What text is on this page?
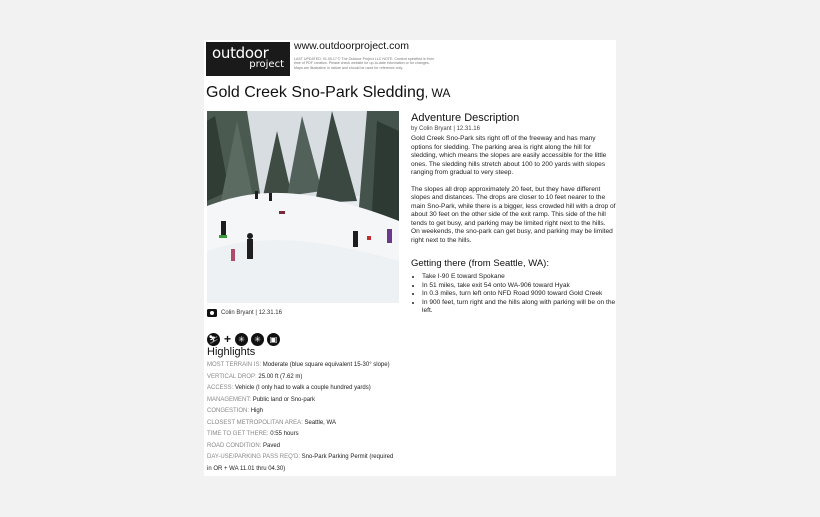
outdoor
project
www.outdoorproject.com
LAST UPDATED: 01.05.17 © The Outdoor Project LLC NOTE: Content specified is from time of PDF creation. Please check website for up-to-date information or for changes. Maps are illustrative in nature and should be used for reference only.
Gold Creek Sno-Park Sledding, WA
Colin Bryant | 12.31.16
⛷ + ✳	✳	▣
Highlights
MOST TERRAIN IS: Moderate (blue square equivalent 15-30° slope)
VERTICAL DROP: 25.00 ft (7.62 m)
ACCESS: Vehicle (I only had to walk a couple hundred yards)
MANAGEMENT: Public land or Sno-park
CONGESTION: High
CLOSEST METROPOLITAN AREA: Seattle, WA
TIME TO GET THERE: 0:55 hours
ROAD CONDITION: Paved
DAY-USE/PARKING PASS REQ'D: Sno-Park Parking Permit (required in OR + WA 11.01 thru 04.30)
Adventure Description
by Colin Bryant | 12.31.16
Gold Creek Sno-Park sits right off of the freeway and has many options for sledding. The parking area is right along the hill for sledding, which means the slopes are easily accessible for the little ones. The sledding hills stretch about 100 to 200 yards with slopes ranging from gradual to very steep.
The slopes all drop approximately 20 feet, but they have different slopes and distances. The drops are closer to 10 feet nearer to the main Sno-Park, while there is a bigger, less crowded hill with a drop of about 30 feet on the other side of the exit ramp. This side of the hill tends to get busy, and parking may be limited right next to the hills. On weekends, the sno-park can get busy, and parking may be limited right next to the hills.
Getting there (from Seattle, WA):
• Take I-90 E toward Spokane
• In 51 miles, take exit 54 onto WA-906 toward Hyak
• In 0.3 miles, turn left onto NFD Road 9090 toward Gold Creek
• In 900 feet, turn right and the hills along with parking will be on the left.
